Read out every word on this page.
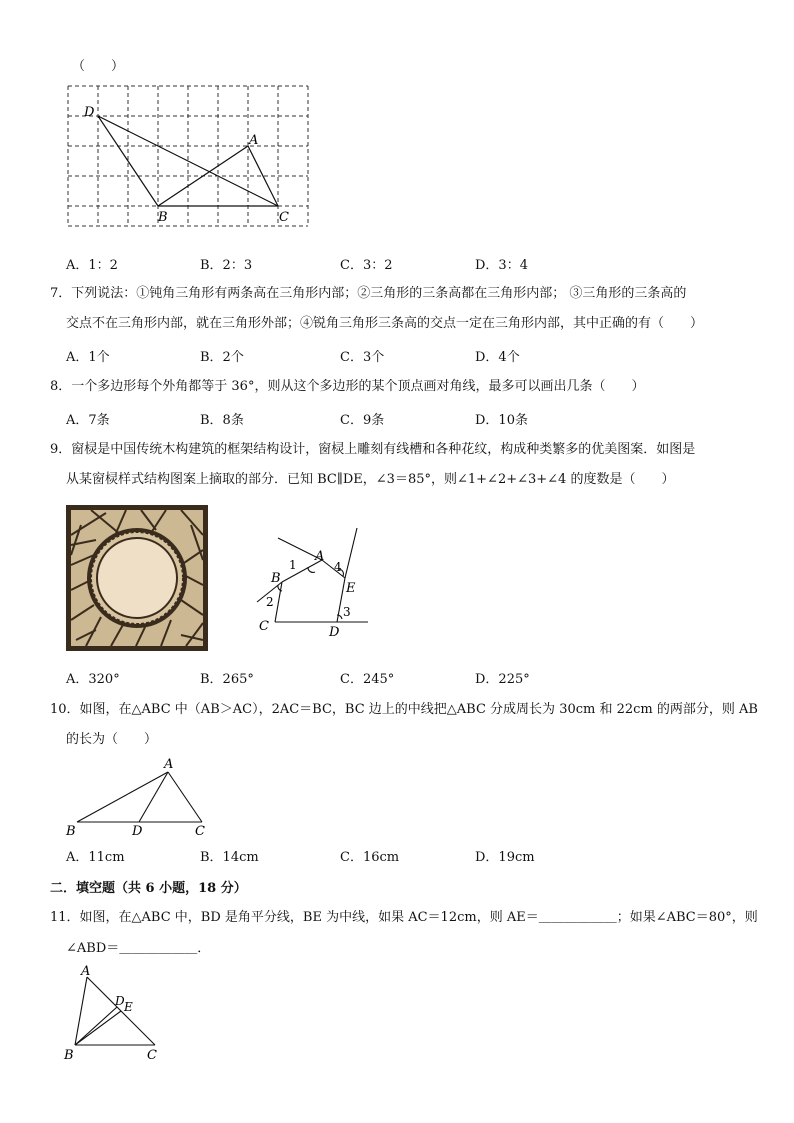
（　　）
D
A
B	C
A．1：2	B．2：3	C．3：2	D．3：4
7．下列说法：①钝角三角形有两条高在三角形内部；②三角形的三条高都在三角形内部； ③三角形的三条高的
交点不在三角形内部，就在三角形外部；④锐角三角形三条高的交点一定在三角形内部，其中正确的有（　　）
A．1个	B．2个	C．3个	D．4个
8．一个多边形每个外角都等于 36°，则从这个多边形的某个顶点画对角线，最多可以画出几条（　　）
A．7条	B．8条	C．9条	D．10条
9．窗棂是中国传统木构建筑的框架结构设计，窗棂上雕刻有线槽和各种花纹，构成种类繁多的优美图案．如图是
从某窗棂样式结构图案上摘取的部分．已知 BC∥DE，∠3＝85°，则∠1+∠2+∠3+∠4 的度数是（　　）
A
B
C	D
E
1
2
3
4
A．320°	B．265°	C．245°	D．225°
10．如图，在△ABC 中（AB＞AC），2AC＝BC，BC 边上的中线把△ABC 分成周长为 30cm 和 22cm 的两部分，则 AB
的长为（　　）
A
B	D	C
A．11cm	B．14cm	C．16cm	D．19cm
二．填空题（共 6 小题，18 分）
11．如图，在△ABC 中，BD 是角平分线，BE 为中线，如果 AC＝12cm，则 AE＝＿＿＿＿＿＿；如果∠ABC＝80°，则
∠ABD＝＿＿＿＿＿＿．
A
D E
B	C
